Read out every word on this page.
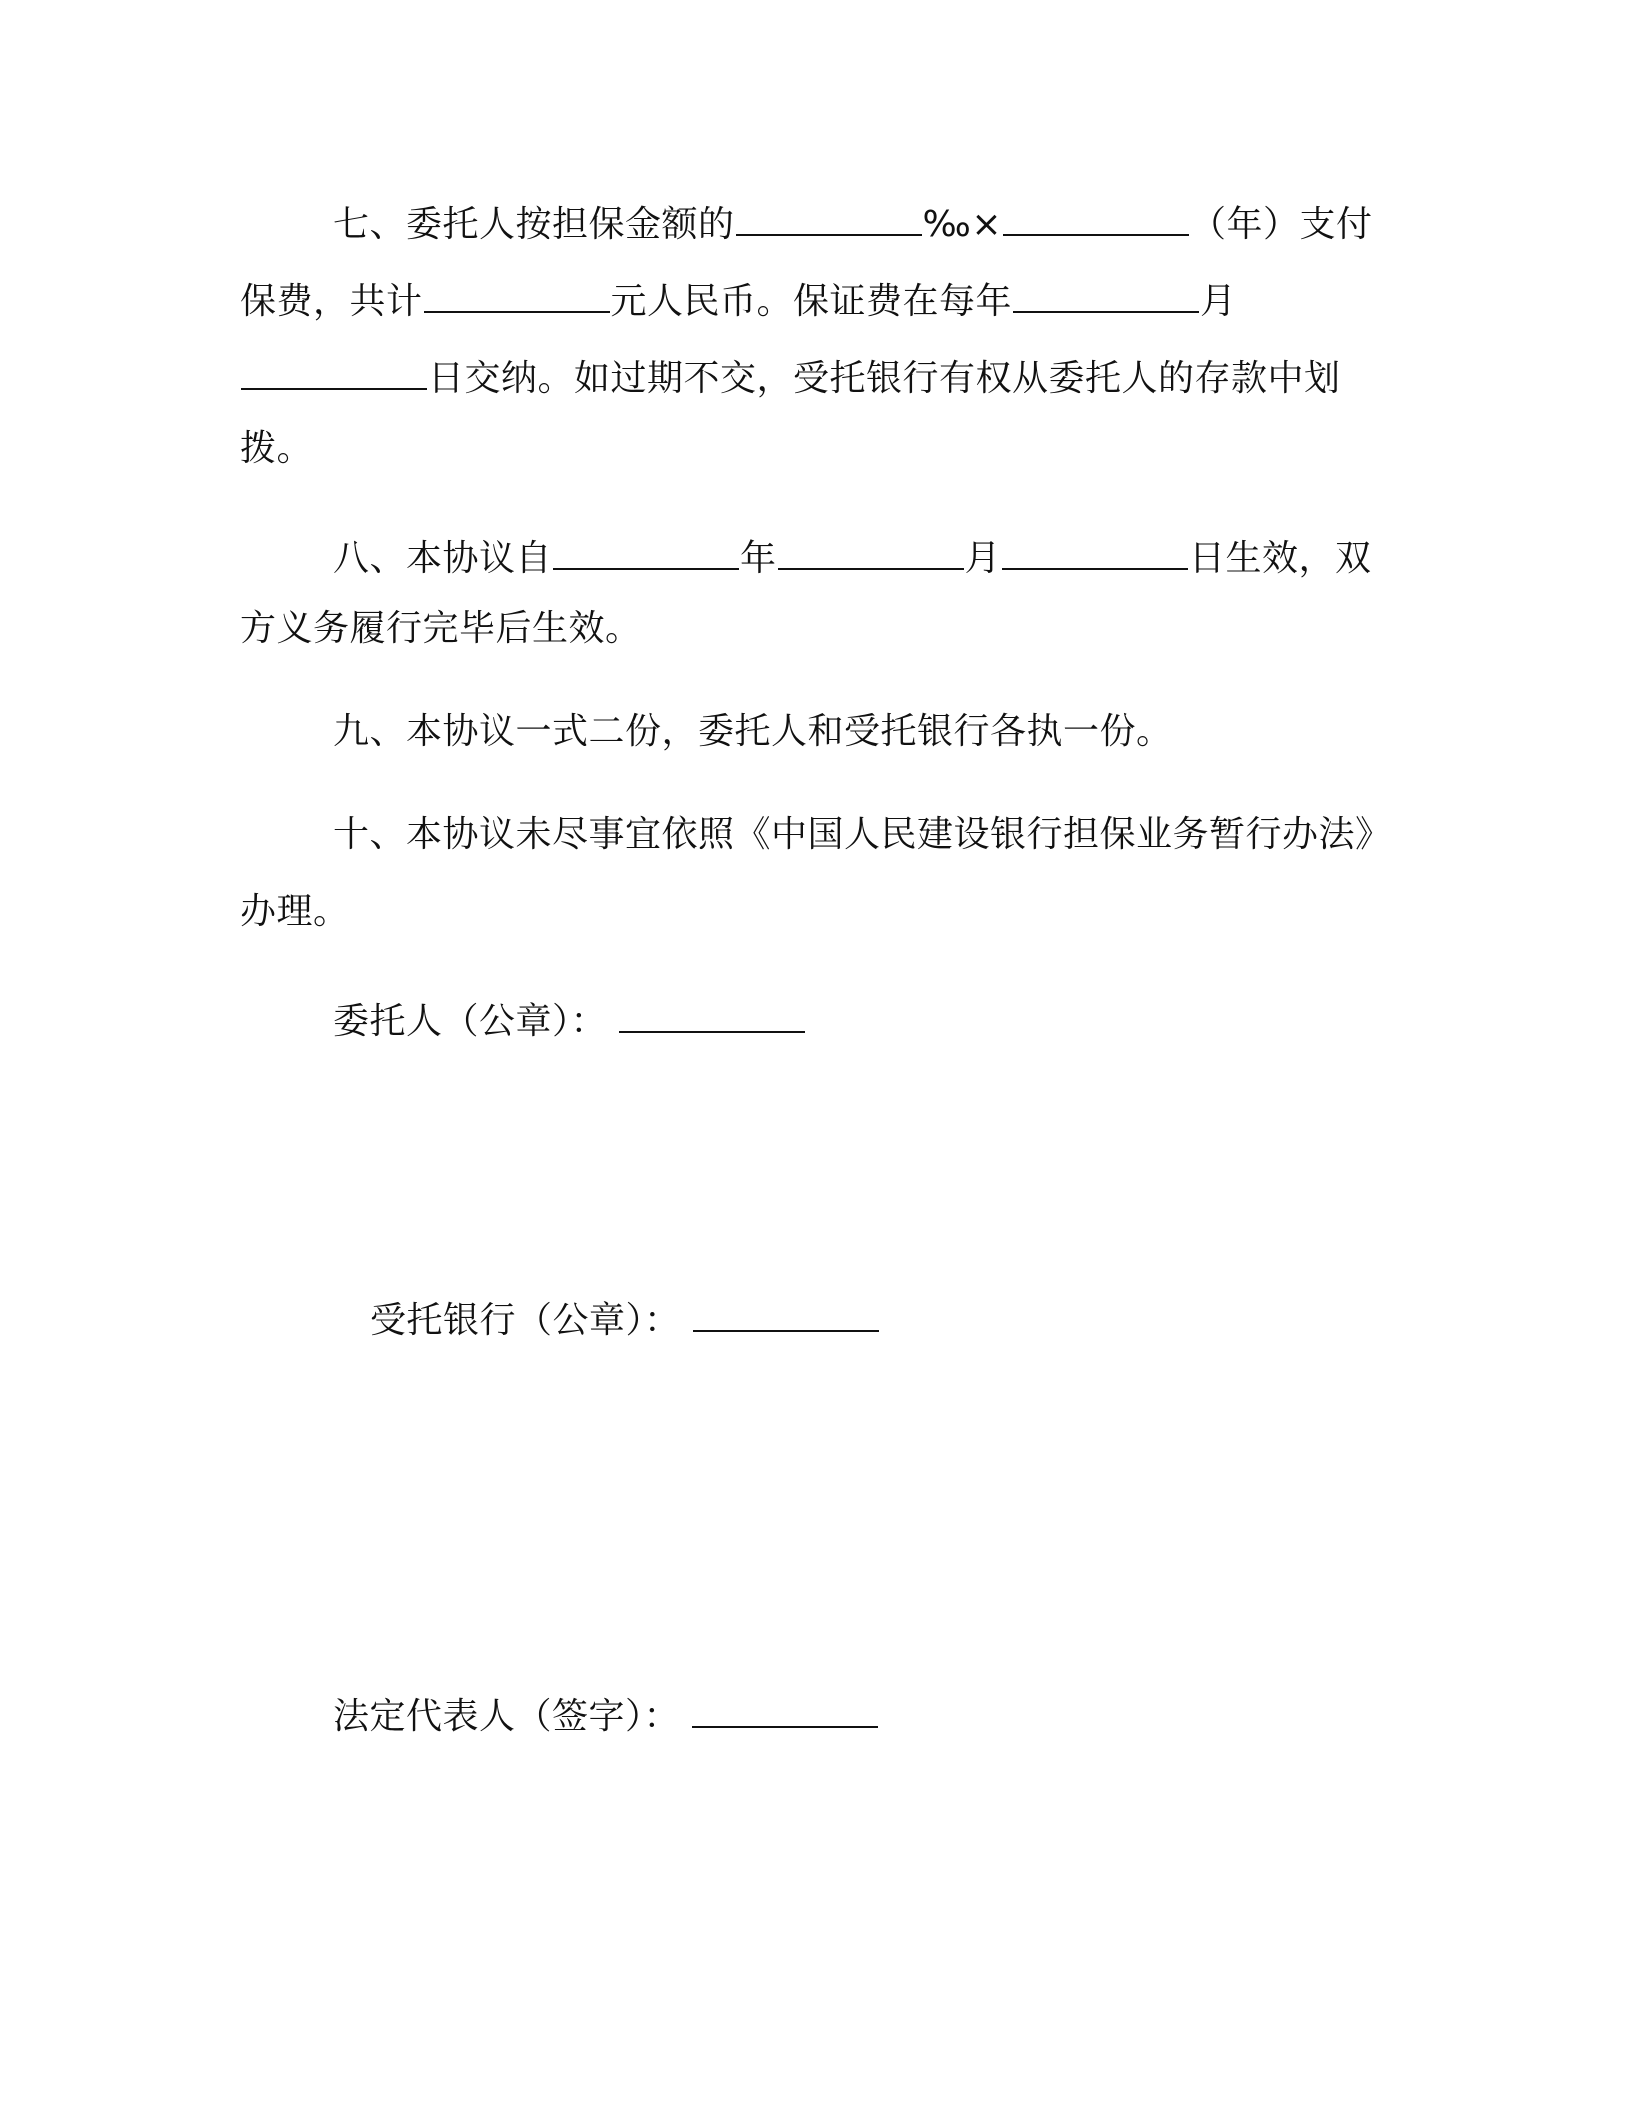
七、委托人按担保金额的	‰×	（年）支付
保费，共计	元人民币。保证费在每年	月
日交纳。如过期不交，受托银行有权从委托人的存款中划
拨。
八、本协议自	年	月	日生效，双
方义务履行完毕后生效。
九、本协议一式二份，委托人和受托银行各执一份。
十、本协议未尽事宜依照《中国人民建设银行担保业务暂行办法》
办理。
委托人（公章）：
受托银行（公章）：
法定代表人（签字）：
